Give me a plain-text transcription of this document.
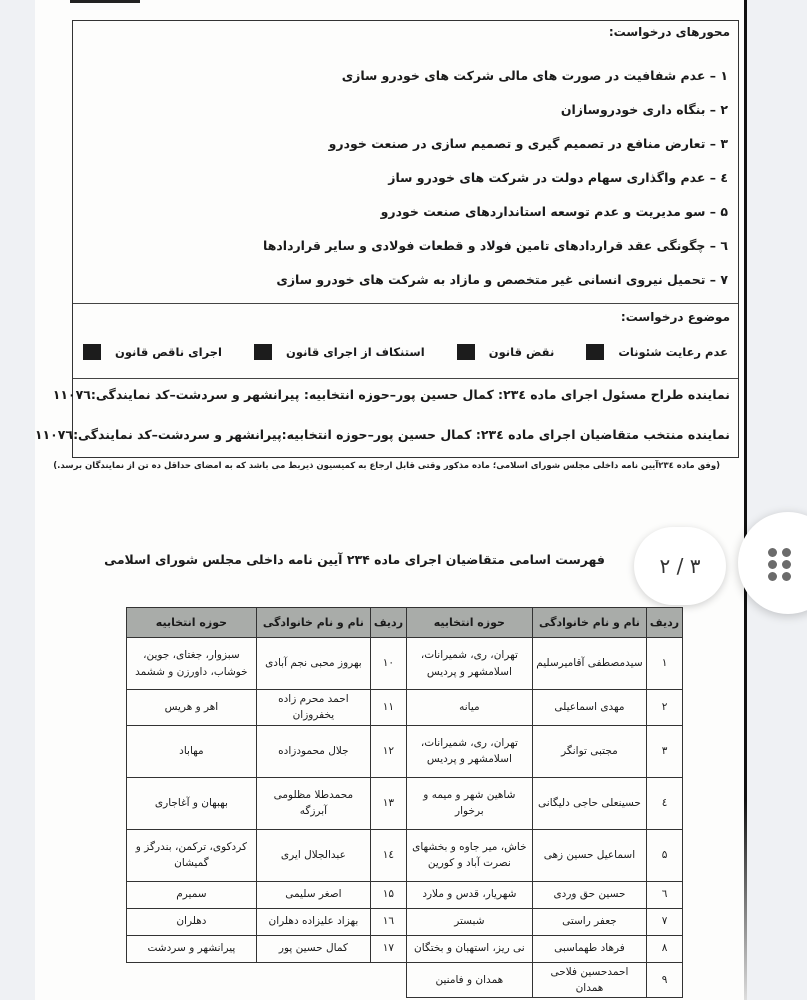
محورهای درخواست:
۱ – عدم شفافیت در صورت های مالی شرکت های خودرو سازی
۲ – بنگاه داری خودروسازان
۳ – تعارض منافع در تصمیم گیری و تصمیم سازی در صنعت خودرو
٤ – عدم واگذاری سهام دولت در شرکت های خودرو ساز
۵ – سو مدیریت و عدم توسعه استانداردهای صنعت خودرو
٦ – چگونگی عقد قراردادهای تامین فولاد و قطعات فولادی و سایر قراردادها
۷ – تحمیل نیروی انسانی غیر متخصص و مازاد به شرکت های خودرو سازی
موضوع درخواست:
عدم رعایت شئونات
نقض قانون
استنکاف از اجرای قانون
اجرای ناقص قانون
نماینده طراح مسئول اجرای ماده ۲۳٤: کمال حسین پور–حوزه انتخابیه: پیرانشهر و سردشت–کد نمایندگی:۱۱۰۷٦
نماینده منتخب متقاضیان اجرای ماده ۲۳٤: کمال حسین پور–حوزه انتخابیه:پیرانشهر و سردشت–کد نمایندگی:۱۱۰۷٦
(وفق ماده ۲۳٤آیین نامه داخلی مجلس شورای اسلامی؛ ماده مذکور وقتی قابل ارجاع به کمیسیون ذیربط می باشد که به امضای حداقل ده تن از نمایندگان برسد.)
فهرست اسامی متقاضیان اجرای ماده ۲۳۴ آیین نامه داخلی مجلس شورای اسلامی	۳ / ۲
ردیف	نام و نام خانوادگی	حوزه انتخابیه	ردیف	نام و نام خانوادگی	حوزه انتخابیه
۱	سیدمصطفی آقامیرسلیم	تهران، ری، شمیرانات، اسلامشهر و پردیس	۱۰	بهروز محبی نجم آبادی	سبزوار، جغتای، جوین، خوشاب، داورزن و ششمد
۲	مهدی اسماعیلی	میانه	۱۱	احمد محرم زاده یخفروزان	اهر و هریس
۳	مجتبی توانگر	تهران، ری، شمیرانات، اسلامشهر و پردیس	۱۲	جلال محمودزاده	مهاباد
٤	حسینعلی حاجی دلیگانی	شاهین شهر و میمه و برخوار	۱۳	محمدطلا مظلومی آبرزگه	بهبهان و آغاجاری
۵	اسماعیل حسین زهی	خاش، میر جاوه و بخشهای نصرت آباد و کورین	۱٤	عبدالجلال ایری	کردکوی، ترکمن، بندرگز و گمیشان
٦	حسین حق وردی	شهریار، قدس و ملارد	۱۵	اصغر سلیمی	سمیرم
۷	جعفر راستی	شبستر	۱٦	بهزاد علیزاده دهلران	دهلران
۸	فرهاد طهماسبی	نی ریز، استهبان و بختگان	۱۷	کمال حسین پور	پیرانشهر و سردشت
۹	احمدحسین فلاحی همدان	همدان و فامنین			
